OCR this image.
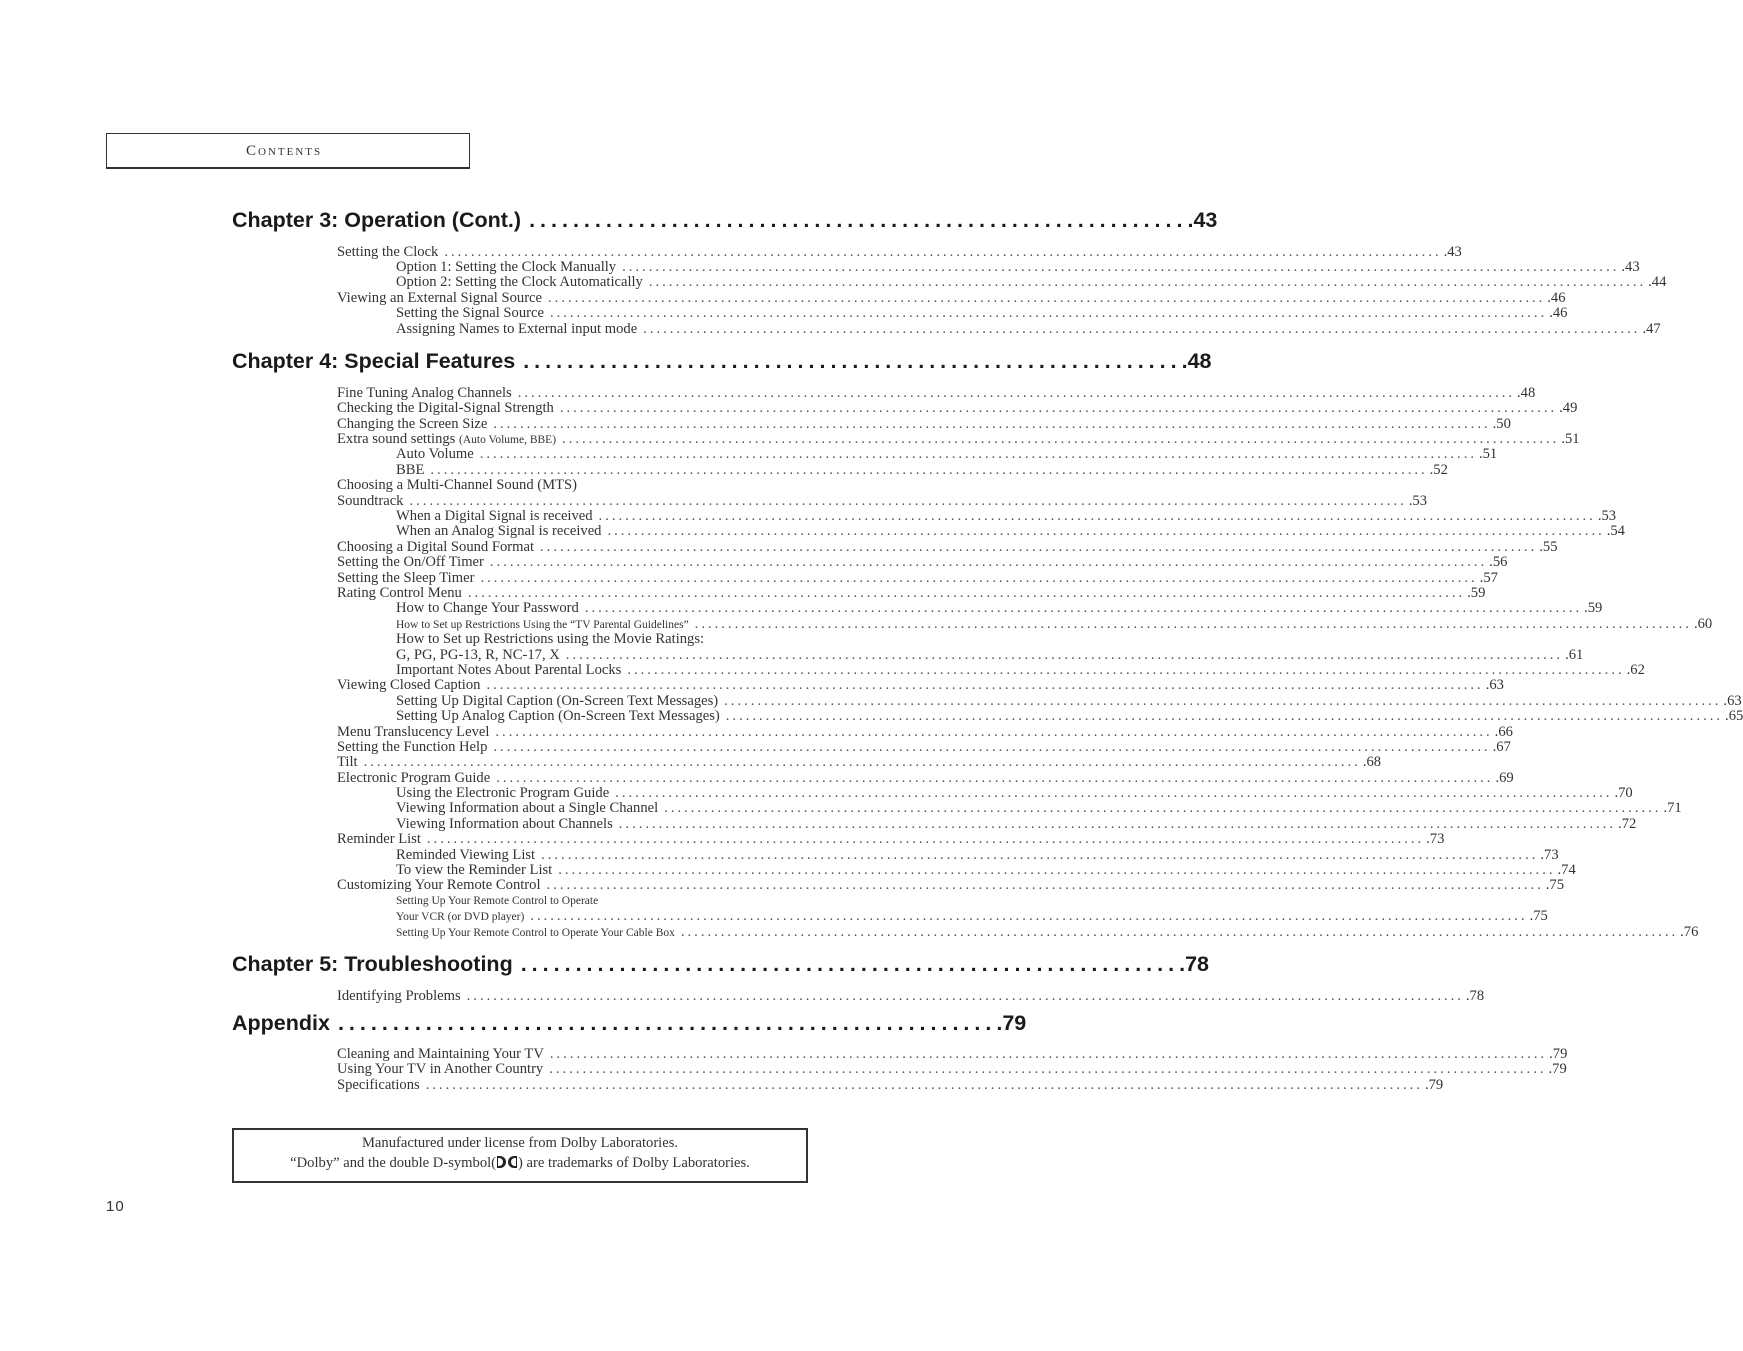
Contents
Chapter 3: Operation (Cont.) ............................................................ .43
Setting the Clock ...................................................................................................................................................... .43
Option 1: Setting the Clock Manually ...................................................................................................................................................... .43
Option 2: Setting the Clock Automatically ...................................................................................................................................................... .44
Viewing an External Signal Source ...................................................................................................................................................... .46
Setting the Signal Source ...................................................................................................................................................... .46
Assigning Names to External input mode ...................................................................................................................................................... .47
Chapter 4: Special Features ............................................................ .48
Fine Tuning Analog Channels ...................................................................................................................................................... .48
Checking the Digital-Signal Strength ...................................................................................................................................................... .49
Changing the Screen Size ...................................................................................................................................................... .50
Extra sound settings
(Auto Volume, BBE) ...................................................................................................................................................... .51
Auto Volume ...................................................................................................................................................... .51
BBE ...................................................................................................................................................... .52
Choosing a Multi-Channel Sound (MTS)
Soundtrack ...................................................................................................................................................... .53
When a Digital Signal is received ...................................................................................................................................................... .53
When an Analog Signal is received ...................................................................................................................................................... .54
Choosing a Digital Sound Format ...................................................................................................................................................... .55
Setting the On/Off Timer ...................................................................................................................................................... .56
Setting the Sleep Timer ...................................................................................................................................................... .57
Rating Control Menu ...................................................................................................................................................... .59
How to Change Your Password ...................................................................................................................................................... .59
How to Set up Restrictions Using the “TV Parental Guidelines” ...................................................................................................................................................... .60
How to Set up Restrictions using the Movie Ratings:
G, PG, PG-13, R, NC-17, X ...................................................................................................................................................... .61
Important Notes About Parental Locks ...................................................................................................................................................... .62
Viewing Closed Caption ...................................................................................................................................................... .63
Setting Up Digital Caption (On-Screen Text Messages) ...................................................................................................................................................... .63
Setting Up Analog Caption (On-Screen Text Messages) ...................................................................................................................................................... .65
Menu Translucency Level ...................................................................................................................................................... .66
Setting the Function Help ...................................................................................................................................................... .67
Tilt ...................................................................................................................................................... .68
Electronic Program Guide ...................................................................................................................................................... .69
Using the Electronic Program Guide ...................................................................................................................................................... .70
Viewing Information about a Single Channel ...................................................................................................................................................... .71
Viewing Information about Channels ...................................................................................................................................................... .72
Reminder List ...................................................................................................................................................... .73
Reminded Viewing List ...................................................................................................................................................... .73
To view the Reminder List ...................................................................................................................................................... .74
Customizing Your Remote Control ...................................................................................................................................................... .75
Setting Up Your Remote Control to Operate
Your VCR (or DVD player) ...................................................................................................................................................... .75
Setting Up Your Remote Control to Operate Your Cable Box ...................................................................................................................................................... .76
Chapter 5: Troubleshooting ............................................................ .78
Identifying Problems ...................................................................................................................................................... .78
Appendix ............................................................ .79
Cleaning and Maintaining Your TV ...................................................................................................................................................... .79
Using Your TV in Another Country ...................................................................................................................................................... .79
Specifications ...................................................................................................................................................... .79
Manufactured under license from Dolby Laboratories.
“Dolby” and the double D-symbol( ) are trademarks of Dolby Laboratories.
10
